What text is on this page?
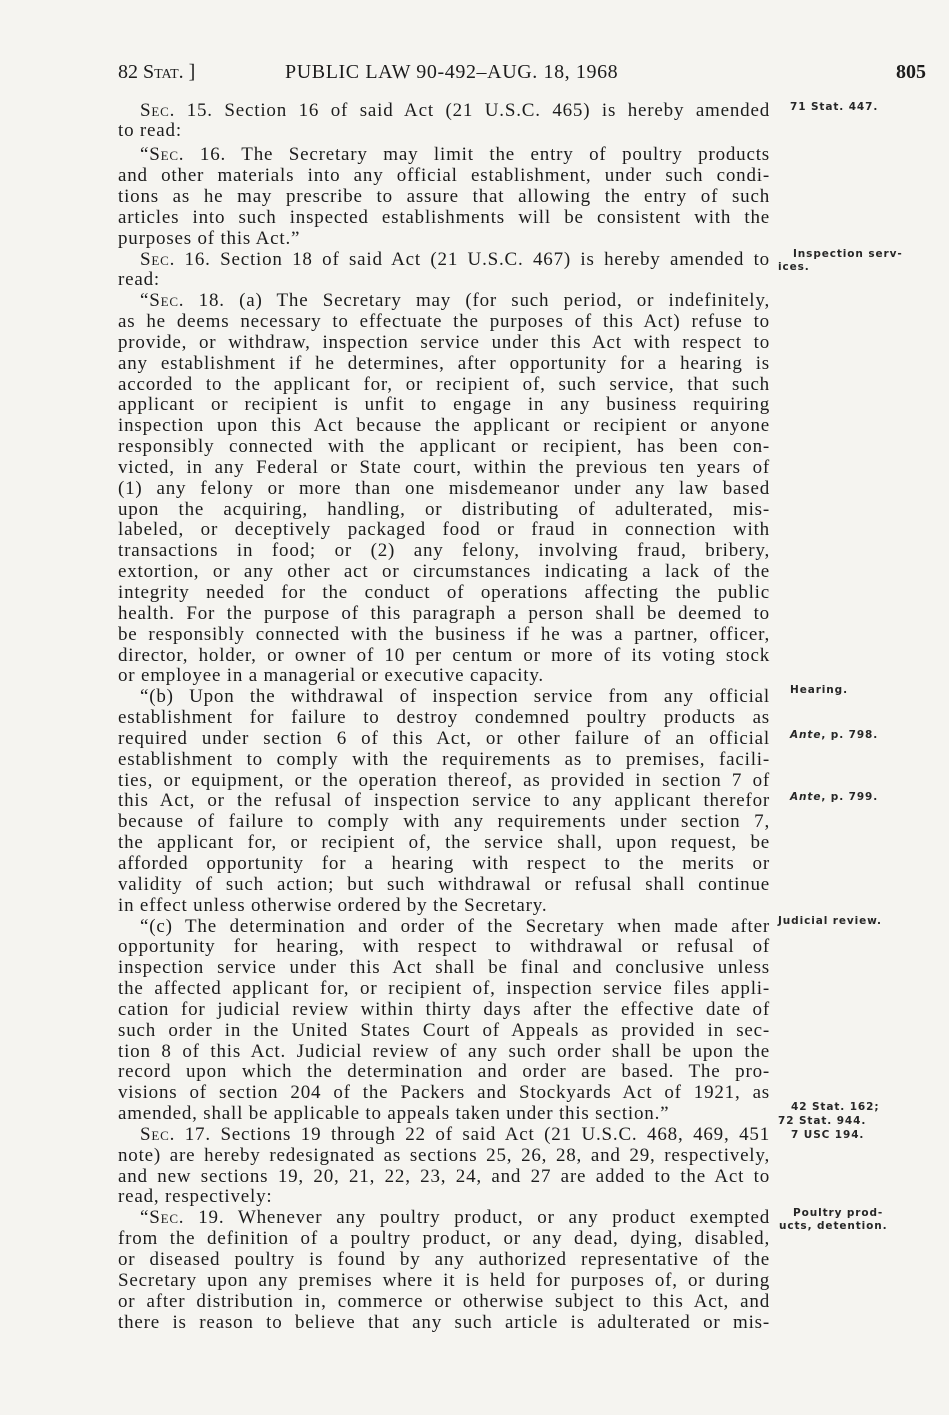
82 Stat. ]	PUBLIC LAW 90-492–AUG. 18, 1968	805
Sec. 15. Section 16 of said Act (21 U.S.C. 465) is hereby amended
to read:
“Sec. 16. The Secretary may limit the entry of poultry products
and other materials into any official establishment, under such condi-
tions as he may prescribe to assure that allowing the entry of such
articles into such inspected establishments will be consistent with the
purposes of this Act.”
Sec. 16. Section 18 of said Act (21 U.S.C. 467) is hereby amended to
read:
“Sec. 18. (a) The Secretary may (for such period, or indefinitely,
as he deems necessary to effectuate the purposes of this Act) refuse to
provide, or withdraw, inspection service under this Act with respect to
any establishment if he determines, after opportunity for a hearing is
accorded to the applicant for, or recipient of, such service, that such
applicant or recipient is unfit to engage in any business requiring
inspection upon this Act because the applicant or recipient or anyone
responsibly connected with the applicant or recipient, has been con-
victed, in any Federal or State court, within the previous ten years of
(1) any felony or more than one misdemeanor under any law based
upon the acquiring, handling, or distributing of adulterated, mis-
labeled, or deceptively packaged food or fraud in connection with
transactions in food; or (2) any felony, involving fraud, bribery,
extortion, or any other act or circumstances indicating a lack of the
integrity needed for the conduct of operations affecting the public
health. For the purpose of this paragraph a person shall be deemed to
be responsibly connected with the business if he was a partner, officer,
director, holder, or owner of 10 per centum or more of its voting stock
or employee in a managerial or executive capacity.
“(b) Upon the withdrawal of inspection service from any official
establishment for failure to destroy condemned poultry products as
required under section 6 of this Act, or other failure of an official
establishment to comply with the requirements as to premises, facili-
ties, or equipment, or the operation thereof, as provided in section 7 of
this Act, or the refusal of inspection service to any applicant therefor
because of failure to comply with any requirements under section 7,
the applicant for, or recipient of, the service shall, upon request, be
afforded opportunity for a hearing with respect to the merits or
validity of such action; but such withdrawal or refusal shall continue
in effect unless otherwise ordered by the Secretary.
“(c) The determination and order of the Secretary when made after
opportunity for hearing, with respect to withdrawal or refusal of
inspection service under this Act shall be final and conclusive unless
the affected applicant for, or recipient of, inspection service files appli-
cation for judicial review within thirty days after the effective date of
such order in the United States Court of Appeals as provided in sec-
tion 8 of this Act. Judicial review of any such order shall be upon the
record upon which the determination and order are based. The pro-
visions of section 204 of the Packers and Stockyards Act of 1921, as
amended, shall be applicable to appeals taken under this section.”
Sec. 17. Sections 19 through 22 of said Act (21 U.S.C. 468, 469, 451
note) are hereby redesignated as sections 25, 26, 28, and 29, respectively,
and new sections 19, 20, 21, 22, 23, 24, and 27 are added to the Act to
read, respectively:
“Sec. 19. Whenever any poultry product, or any product exempted
from the definition of a poultry product, or any dead, dying, disabled,
or diseased poultry is found by any authorized representative of the
Secretary upon any premises where it is held for purposes of, or during
or after distribution in, commerce or otherwise subject to this Act, and
there is reason to believe that any such article is adulterated or mis-
71 Stat. 447.
Inspection serv-
ices.
Hearing.
Ante, p. 798.
Ante, p. 799.
Judicial review.
42 Stat. 162;
72 Stat. 944.
7 USC 194.
Poultry prod-
ucts, detention.
